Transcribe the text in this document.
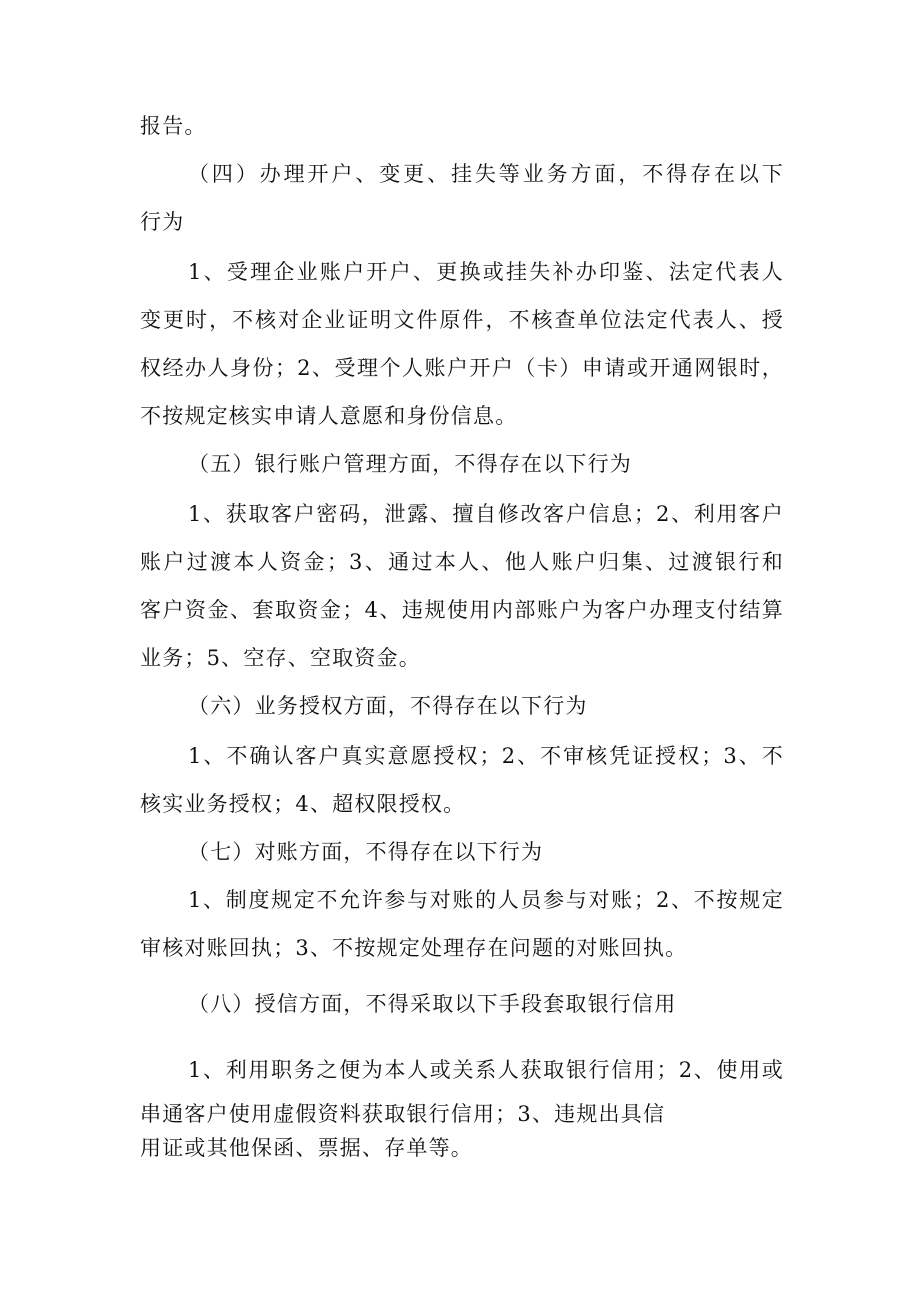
报告。
（四）办理开户、变更、挂失等业务方面，不得存在以下
行为
1、受理企业账户开户、更换或挂失补办印鉴、法定代表人
变更时，不核对企业证明文件原件，不核查单位法定代表人、授
权经办人身份；2、受理个人账户开户（卡）申请或开通网银时，
不按规定核实申请人意愿和身份信息。
（五）银行账户管理方面，不得存在以下行为
1、获取客户密码，泄露、擅自修改客户信息；2、利用客户
账户过渡本人资金；3、通过本人、他人账户归集、过渡银行和
客户资金、套取资金；4、违规使用内部账户为客户办理支付结算
业务；5、空存、空取资金。
（六）业务授权方面，不得存在以下行为
1、不确认客户真实意愿授权；2、不审核凭证授权；3、不
核实业务授权；4、超权限授权。
（七）对账方面，不得存在以下行为
1、制度规定不允许参与对账的人员参与对账；2、不按规定
审核对账回执；3、不按规定处理存在问题的对账回执。
（八）授信方面，不得采取以下手段套取银行信用
1、利用职务之便为本人或关系人获取银行信用；2、使用或
串通客户使用虚假资料获取银行信用；3、违规出具信
用证或其他保函、票据、存单等。
